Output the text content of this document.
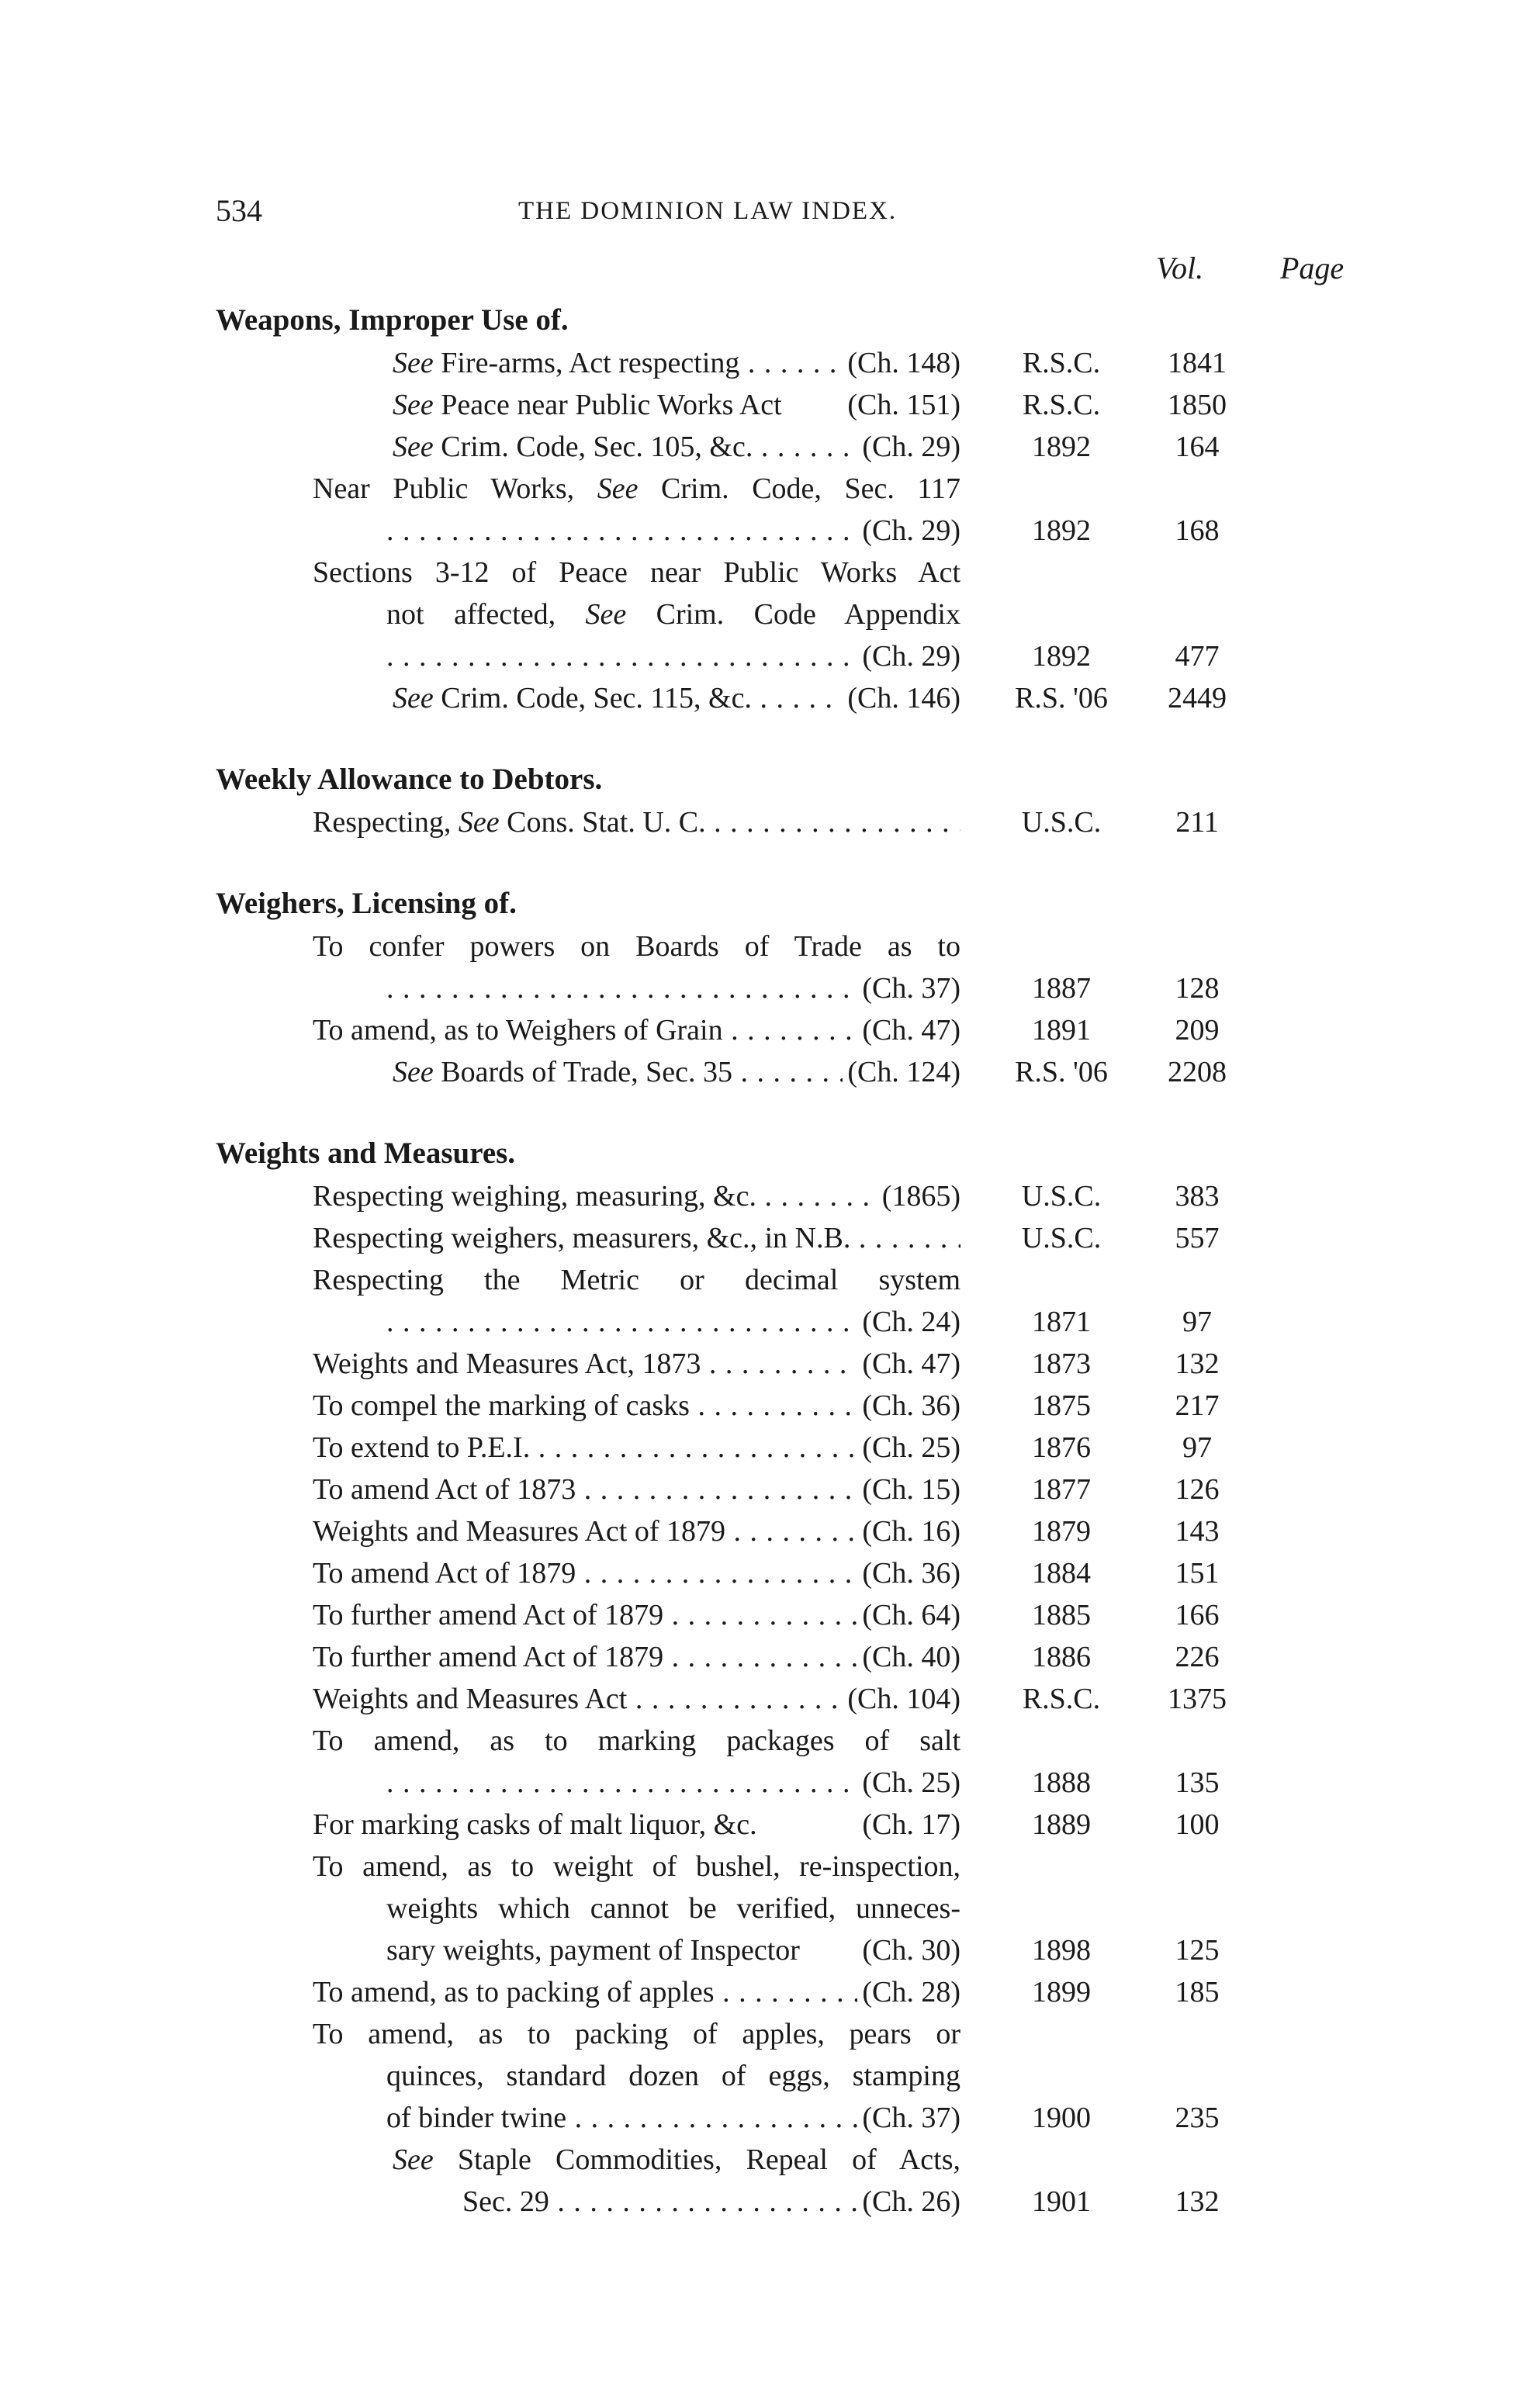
534	THE DOMINION LAW INDEX.
Vol. Page
Weapons, Improper Use of.
See Fire-arms, Act respecting . . .	(Ch. 148)	R.S.C.	1841
See Peace near Public Works Act (Ch. 151)	R.S.C.	1850
See Crim. Code, Sec. 105, &c. . . .	(Ch. 29)	1892	164
Near Public Works, See Crim. Code, Sec. 117
. . .
(Ch. 29)	1892	168
Sections 3-12 of Peace near Public Works Act
not affected, See Crim. Code Appendix
. . .
(Ch. 29)	1892	477
See Crim. Code, Sec. 115, &c. . . .	(Ch. 146)	R.S. '06	2449
Weekly Allowance to Debtors.
Respecting, See Cons. Stat. U. C. . . .	U.S.C.	211
Weighers, Licensing of.
To confer powers on Boards of Trade as to
. . .
(Ch. 37)	1887	128
To amend, as to Weighers of Grain . . .	(Ch. 47)	1891	209
See Boards of Trade, Sec. 35 . . .	(Ch. 124)	R.S. '06	2208
Weights and Measures.
Respecting weighing, measuring, &c. . . .	(1865)	U.S.C.	383
Respecting weighers, measurers, &c., in N.B. . . .	U.S.C.	557
Respecting the Metric or decimal system
. . .
(Ch. 24)	1871	97
Weights and Measures Act, 1873 . . .	(Ch. 47)	1873	132
To compel the marking of casks . . .	(Ch. 36)	1875	217
To extend to P.E.I. . . .	(Ch. 25)	1876	97
To amend Act of 1873 . . .	(Ch. 15)	1877	126
Weights and Measures Act of 1879 . . .	(Ch. 16)	1879	143
To amend Act of 1879 . . .	(Ch. 36)	1884	151
To further amend Act of 1879 . . .	(Ch. 64)	1885	166
To further amend Act of 1879 . . .	(Ch. 40)	1886	226
Weights and Measures Act . . .	(Ch. 104)	R.S.C.	1375
To amend, as to marking packages of salt
. . .
(Ch. 25)	1888	135
For marking casks of malt liquor, &c.	(Ch. 17)	1889	100
To amend, as to weight of bushel, re-inspection,
weights which cannot be verified, unneces-
sary weights, payment of Inspector (Ch. 30)	1898	125
To amend, as to packing of apples . . .	(Ch. 28)	1899	185
To amend, as to packing of apples, pears or
quinces, standard dozen of eggs, stamping
of binder twine . . .	(Ch. 37)	1900	235
See Staple Commodities, Repeal of Acts,
Sec. 29 . . .	(Ch. 26)	1901	132
